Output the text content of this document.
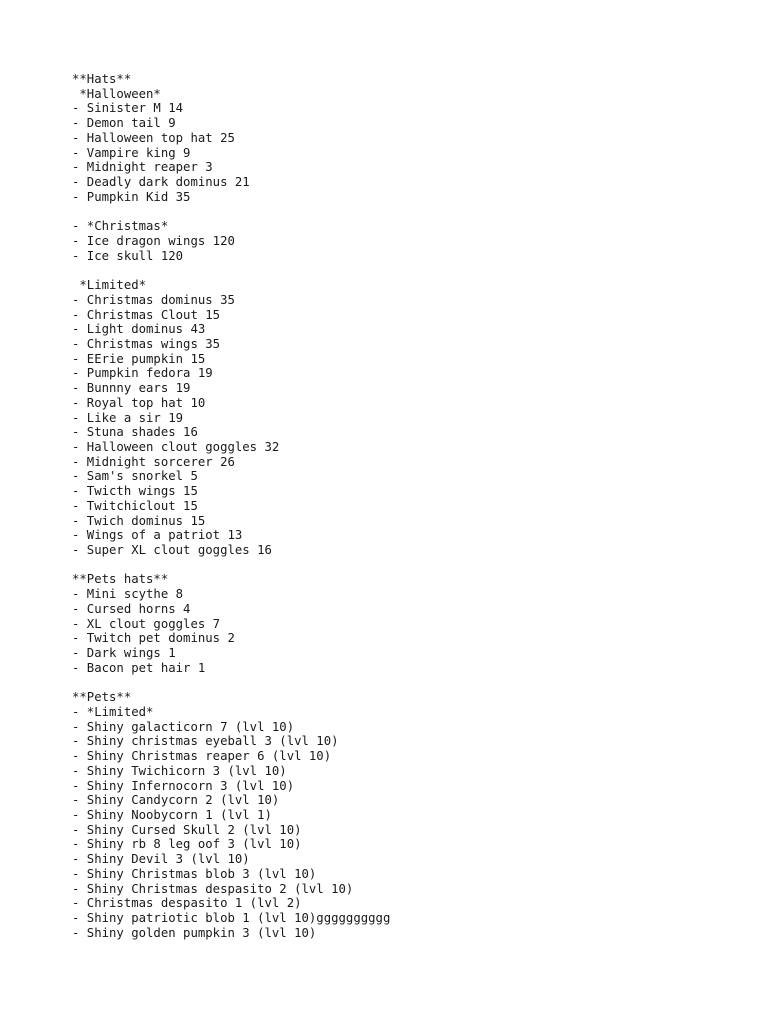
**Hats**
*Halloween*
- Sinister M 14
- Demon tail 9
- Halloween top hat 25
- Vampire king 9
- Midnight reaper 3
- Deadly dark dominus 21
- Pumpkin Kid 35
- *Christmas*
- Ice dragon wings 120
- Ice skull 120
*Limited*
- Christmas dominus 35
- Christmas Clout 15
- Light dominus 43
- Christmas wings 35
- EErie pumpkin 15
- Pumpkin fedora 19
- Bunnny ears 19
- Royal top hat 10
- Like a sir 19
- Stuna shades 16
- Halloween clout goggles 32
- Midnight sorcerer 26
- Sam's snorkel 5
- Twicth wings 15
- Twitchiclout 15
- Twich dominus 15
- Wings of a patriot 13
- Super XL clout goggles 16
**Pets hats**
- Mini scythe 8
- Cursed horns 4
- XL clout goggles 7
- Twitch pet dominus 2
- Dark wings 1
- Bacon pet hair 1
**Pets**
- *Limited*
- Shiny galacticorn 7 (lvl 10)
- Shiny christmas eyeball 3 (lvl 10)
- Shiny Christmas reaper 6 (lvl 10)
- Shiny Twichicorn 3 (lvl 10)
- Shiny Infernocorn 3 (lvl 10)
- Shiny Candycorn 2 (lvl 10)
- Shiny Noobycorn 1 (lvl 1)
- Shiny Cursed Skull 2 (lvl 10)
- Shiny rb 8 leg oof 3 (lvl 10)
- Shiny Devil 3 (lvl 10)
- Shiny Christmas blob 3 (lvl 10)
- Shiny Christmas despasito 2 (lvl 10)
- Christmas despasito 1 (lvl 2)
- Shiny patriotic blob 1 (lvl 10)gggggggggg
- Shiny golden pumpkin 3 (lvl 10)
